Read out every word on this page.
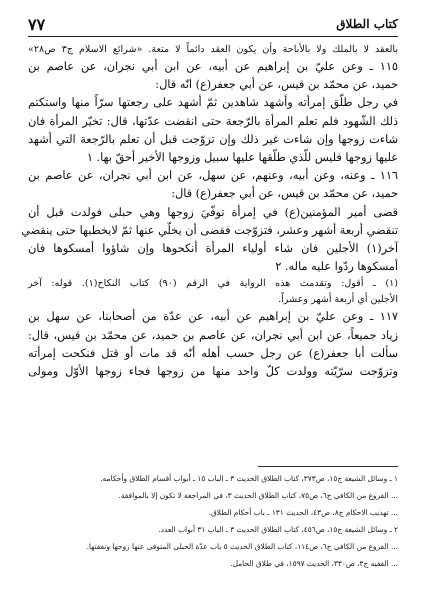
كتاب الطلاق
٧٧

بالعقد لا بالملك ولا بالأباحة وأن يكون العقد دائماً لا متعة. «شرائع الاسلام ج٣ ص٢٨»

١١٥ ـ وعن عليّ بن إبراهيم عن أبيه، عن ابن أبي نجران، عن عاصم بن

حميد، عن محمّد بن قيس، عن أبي جعفر(ع) انّه قال:

في رجل طلّق إمرأته وأشهد شاهدين ثمّ أشهد على رجعتها سرّاً منها واستكتم

ذلك الشّهود فلم تعلم المرأة بالرّجعة حتى انقضت عدّتها، قال: تخيّر المرأة فان

شاءت زوجها وإن شاءت غير ذلك وإن تزوّجت قبل أن تعلم بالرّجعة التي أشهد

عليها زوجها فليس للّذي طلّقها عليها سبيل وزوجها الأخير أحقّ بها. ١

١١٦ ـ وعنه، وعن أبيه، وعنهم، عن سهل، عن ابن أبي نجران، عن عاصم بن

حميد، عن محمّد بن قيس، عن أبي جعفر(ع) قال:

قضى أمير المؤمنين(ع) في إمرأة توفّيَ زوجها وهي حبلى فولدت قبل أن

تنقضي أربعة أشهر وعشر، فتزوّجت فقضى أن يخلّي عنها ثمّ لايخطبها حتى ينقضي

آخر(١) الأجلين فان شاء أولياء المرأة أنكحوها وإن شاؤوا أمسكوها فان

أمسكوها ردّوا عليه ماله. ٢

(١) ـ أقول: وتقدمت هذه الرواية في الرقم (٩٠) كتاب النكاح(١). قوله: آخر

الأجلين أي أربعة أشهر وعشراً.

١١٧ ـ وعن عليّ بن إبراهيم عن أبيه، عن عدّة من أصحابنا، عن سهل بن

زياد جميعاً، عن ابن أبي نجران، عن عاصم بن حميد، عن محمّد بن قيس، قال:

سألت أبا جعفر(ع) عن رجل حسب أهله أنّه قد مات أو قتل فنكحت إمرأته

وتزوّجت سرّيّته وولدت كلّ واحد منها من زوجها فجاء زوجها الأوّل ومولى

١ ـ وسائل الشيعة ج١٥، ص٣٧٣، كتاب الطلاق الحديث ٣ ـ الباب ١٥ ـ أبواب أقسام الطلاق وأحكامه.

... الفروع من الكافي ج٦، ص٧٥، كتاب الطلاق الحديث ٣، في المراجعة لا تكون إلا بالموافقة.

... تهذيب الاحكام ج٨، ص٤٣، الحديث ١٣١ ـ باب أحكام الطلاق.

٢ ـ وسائل الشيعة ج١٥، ص٤٥٦، كتاب الطلاق الحديث ٣ ـ الباب ٣١ أبواب العدد.

... الفروع من الكافي ج٦، ص١١٤، كتاب الطلاق الحديث ٥ باب عدّة الحبلى المتوفى عنها زوجها ونفقتها.

... الفقيه ج٣، ص٣٣٠، الحديث ١٥٩٧، في طلاق الحامل.
